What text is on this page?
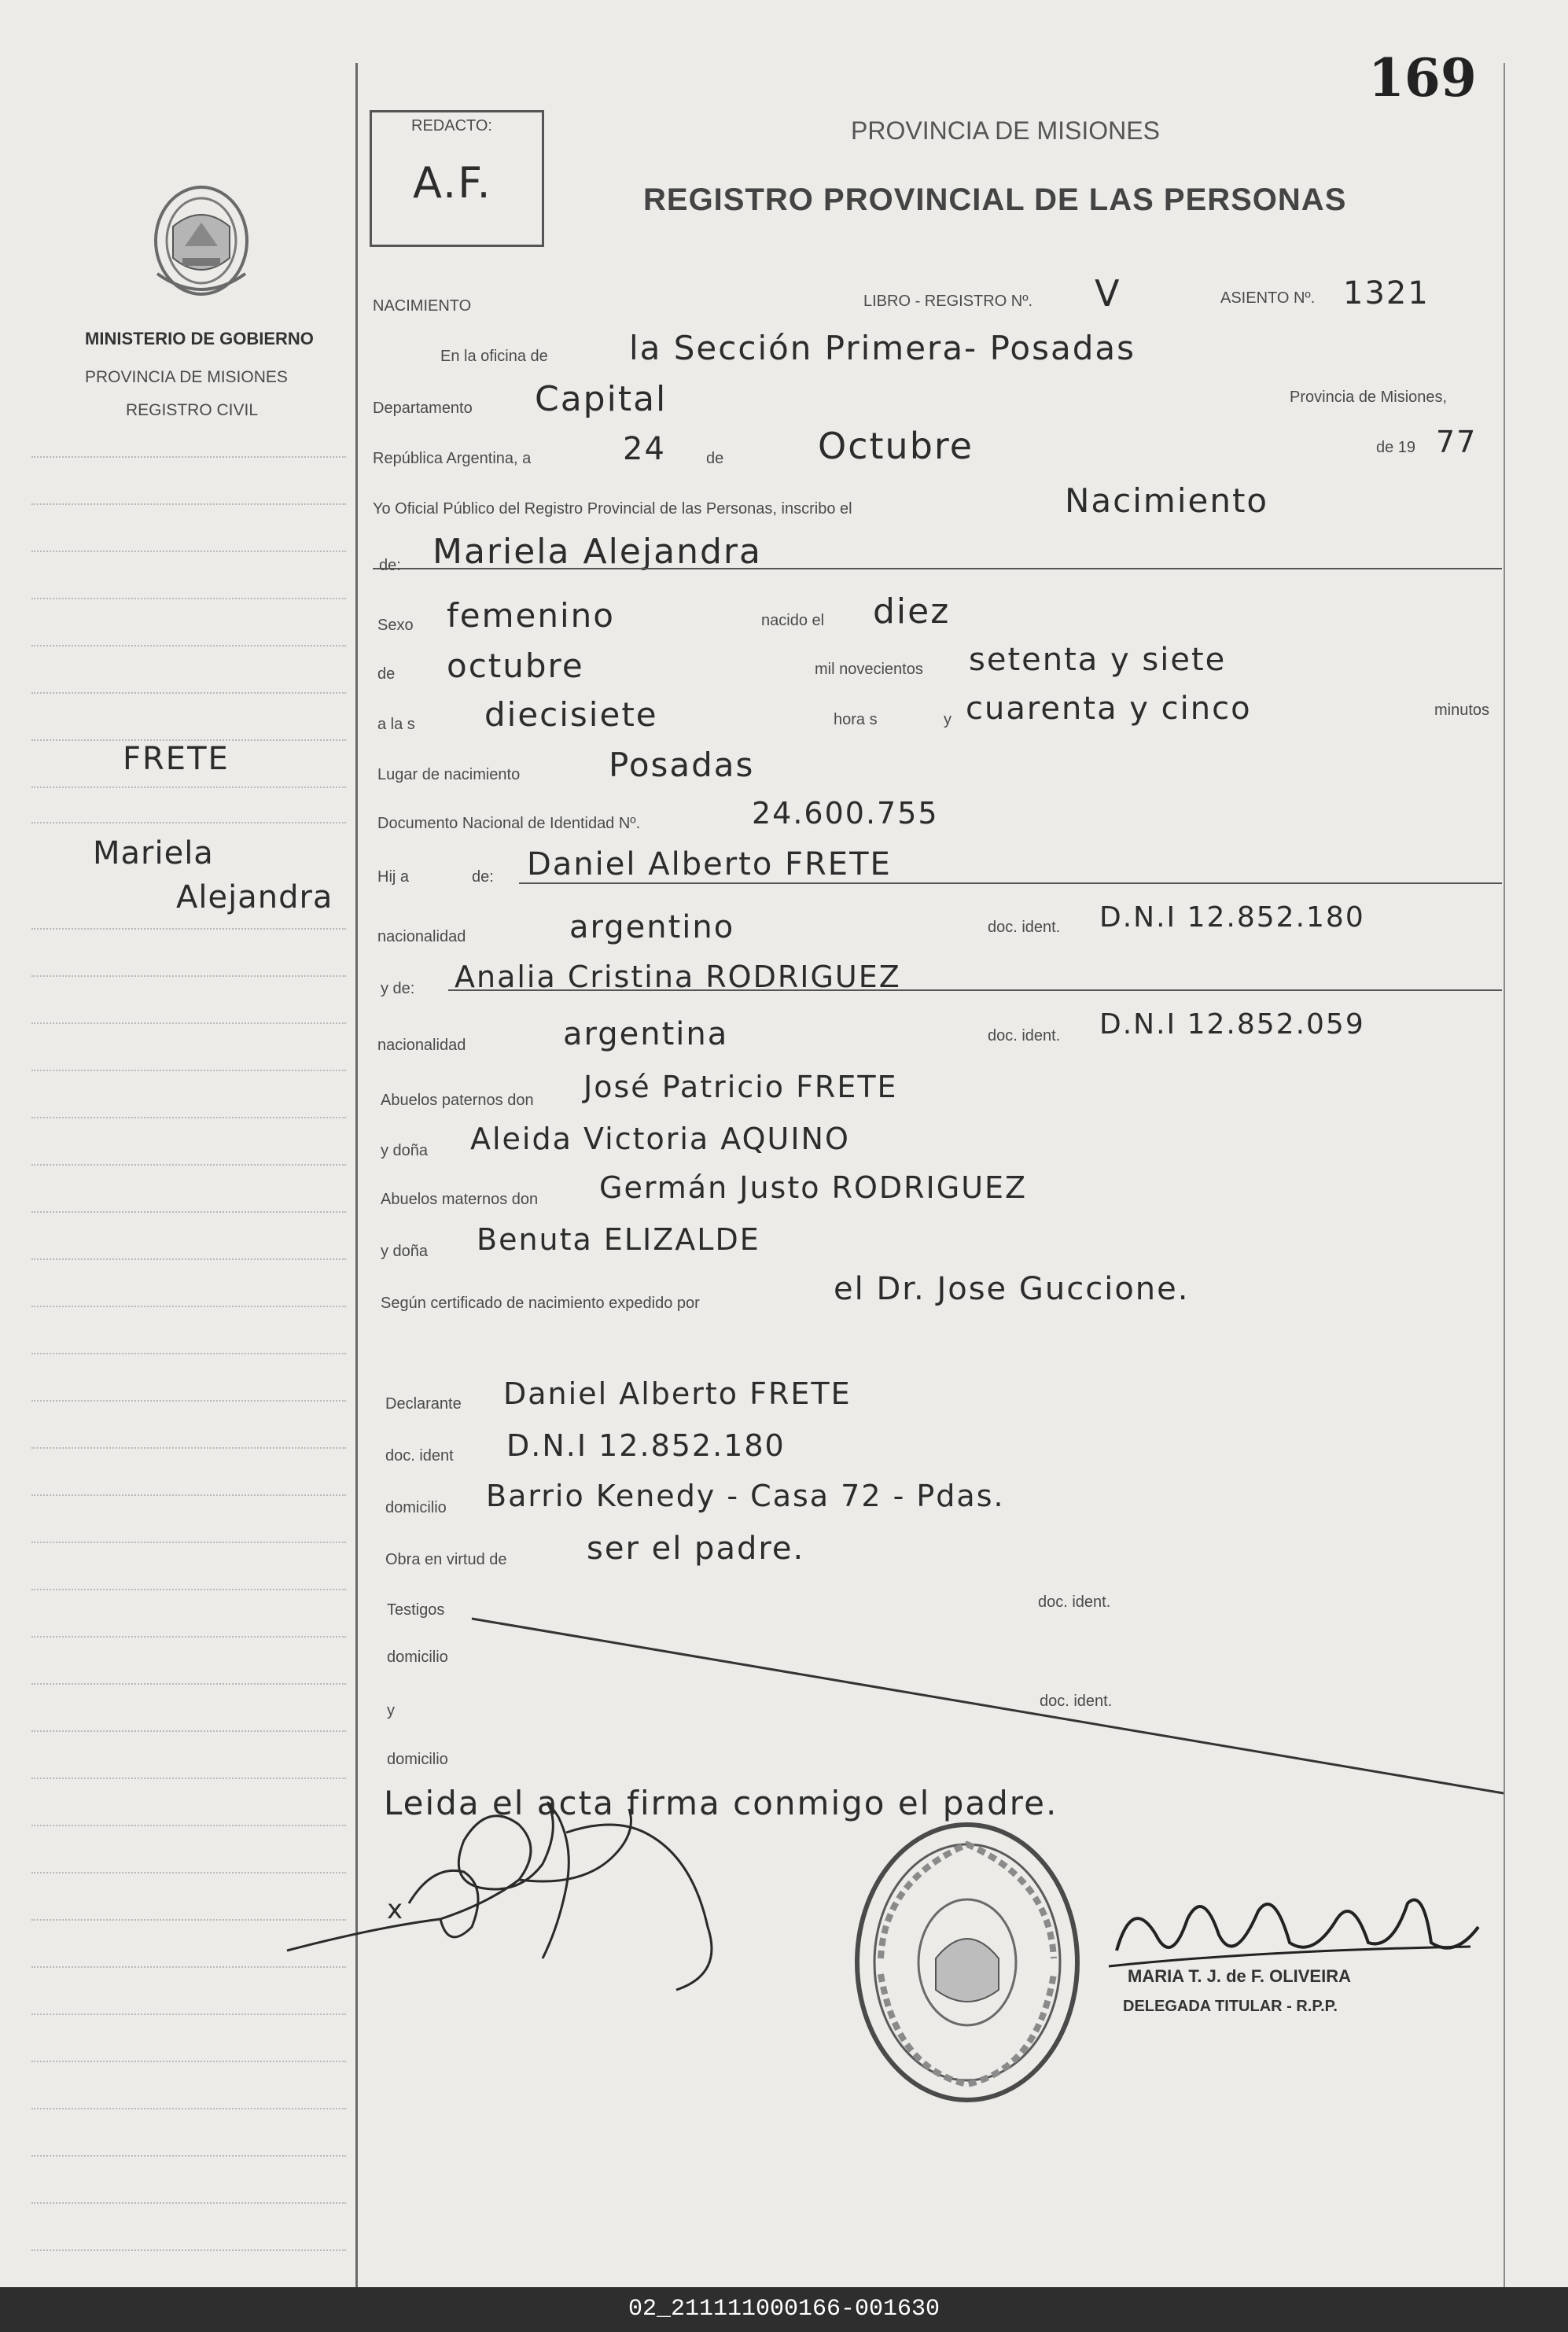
169
REDACTO:
A.F.
PROVINCIA DE MISIONES
REGISTRO PROVINCIAL DE LAS PERSONAS
MINISTERIO DE GOBIERNO
PROVINCIA DE MISIONES
REGISTRO CIVIL
FRETE
Mariela
Alejandra
NACIMIENTO	LIBRO - REGISTRO Nº. V	ASIENTO Nº. 1321
En la oficina de la Sección Primera- Posadas
Departamento Capital	Provincia de Misiones,
República Argentina, a	24	de	Octubre	de 19 77
Yo Oficial Público del Registro Provincial de las Personas, inscribo el	Nacimiento
de: Mariela Alejandra
Sexo femenino	nacido el diez
de octubre	mil novecientos setenta y siete
a la s diecisiete	hora s	y cuarenta y cinco	minutos
Lugar de nacimiento	Posadas
Documento Nacional de Identidad Nº.	24.600.755
Hij a	de: Daniel Alberto FRETE
nacionalidad	argentino	doc. ident. D.N.I 12.852.180
y de: Analia Cristina RODRIGUEZ
nacionalidad	argentina	doc. ident. D.N.I 12.852.059
Abuelos paternos don José Patricio FRETE
y doña Aleida Victoria AQUINO
Abuelos maternos don Germán Justo RODRIGUEZ
y doña Benuta ELIZALDE
Según certificado de nacimiento expedido por	el Dr. Jose Guccione.
Declarante Daniel Alberto FRETE
doc. ident D.N.I 12.852.180
domicilio Barrio Kenedy - Casa 72 - Pdas.
Obra en virtud de	ser el padre.
Testigos	doc. ident.
domicilio
y
doc. ident.
domicilio
Leida el acta firma conmigo el padre.
x
MARIA T. J. de F. OLIVEIRA
DELEGADA TITULAR - R.P.P.
02_211111000166-001630
